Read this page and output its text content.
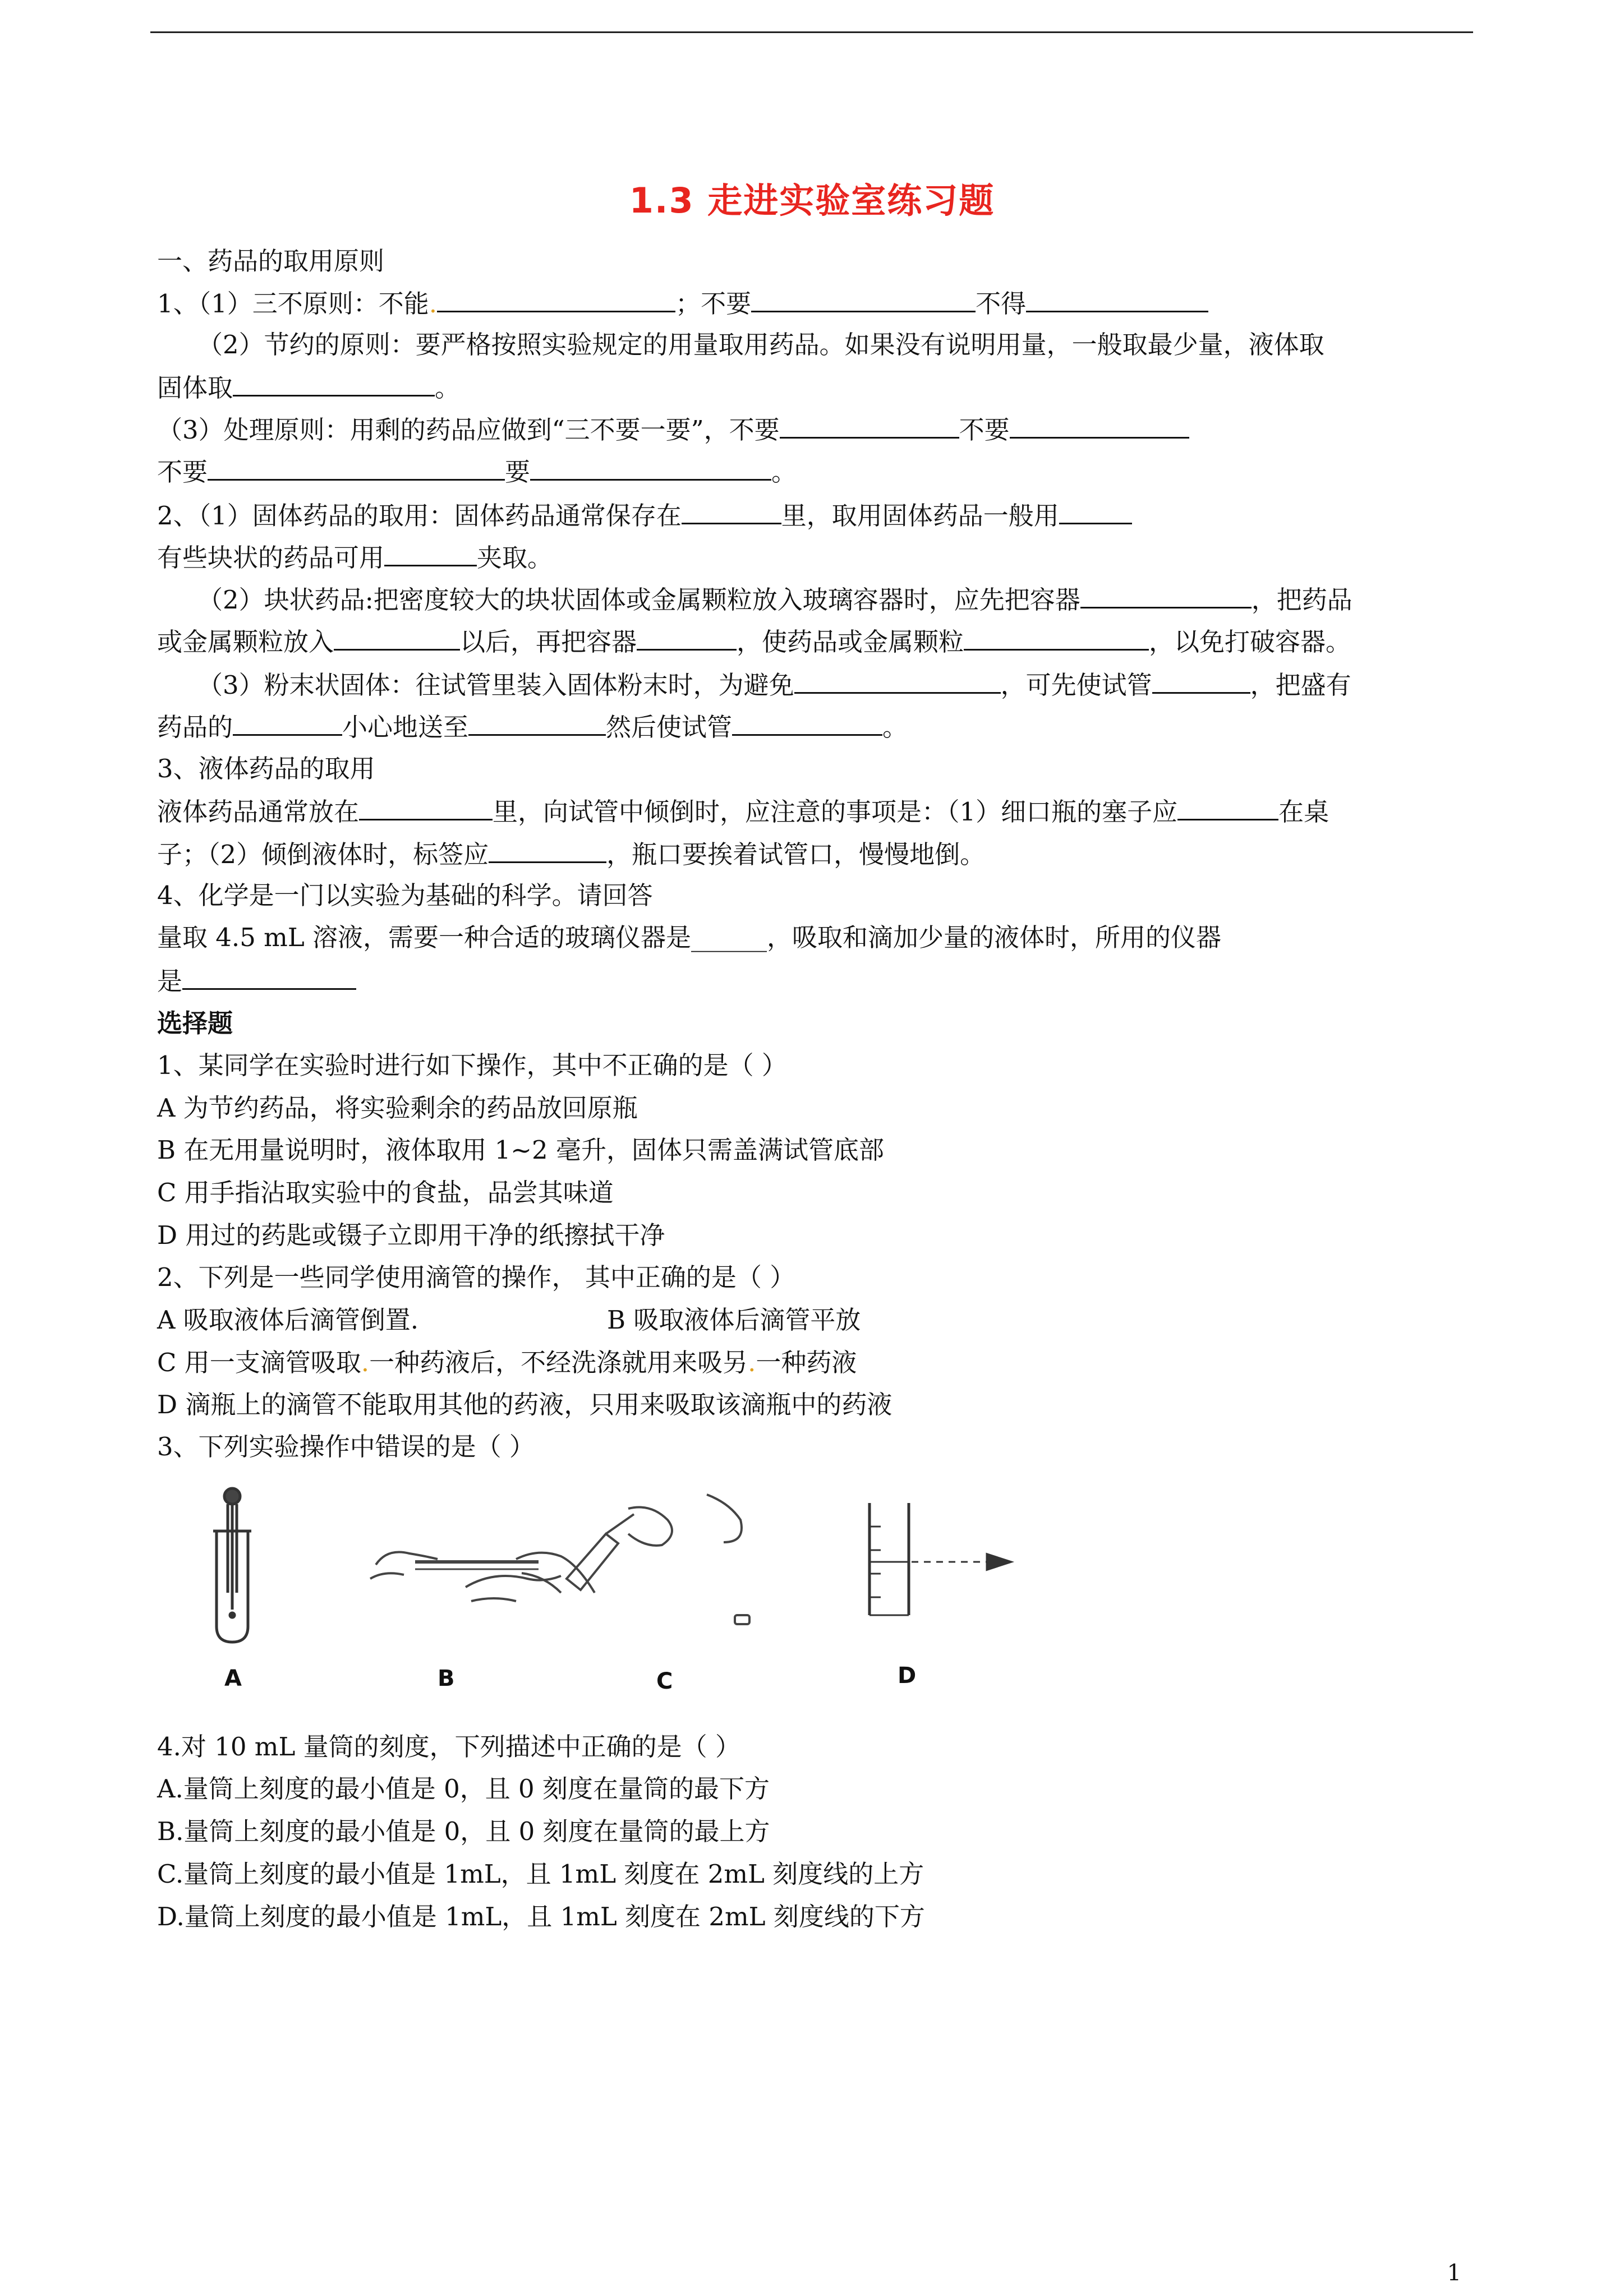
1.3 走进实验室练习题
一、药品的取用原则
1、（1）三不原则：不能.	；不要	不得
（2）节约的原则：要严格按照实验规定的用量取用药品。如果没有说明用量，一般取最少量，液体取
固体取	。
（3）处理原则：用剩的药品应做到“三不要一要”，不要	不要
不要	要	。
2、（1）固体药品的取用：固体药品通常保存在	里，取用固体药品一般用
有些块状的药品可用	夹取。
（2）块状药品:把密度较大的块状固体或金属颗粒放入玻璃容器时，应先把容器	，把药品
或金属颗粒放入	以后，再把容器	，使药品或金属颗粒	，以免打破容器。
（3）粉末状固体：往试管里装入固体粉末时，为避免	，可先使试管	，把盛有
药品的	小心地送至	然后使试管	。
3、液体药品的取用
液体药品通常放在	里，向试管中倾倒时，应注意的事项是：（1）细口瓶的塞子应	在桌
子；（2）倾倒液体时，标签应	，瓶口要挨着试管口，慢慢地倒。
4、化学是一门以实验为基础的科学。请回答
量取 4.5 mL 溶液，需要一种合适的玻璃仪器是______，吸取和滴加少量的液体时，所用的仪器
是
选择题
1、某同学在实验时进行如下操作，其中不正确的是（ ）
A 为节约药品，将实验剩余的药品放回原瓶
B 在无用量说明时，液体取用 1~2 毫升，固体只需盖满试管底部
C 用手指沾取实验中的食盐，品尝其味道
D 用过的药匙或镊子立即用干净的纸擦拭干净
2、下列是一些同学使用滴管的操作， 其中正确的是（ ）
A 吸取液体后滴管倒置.	B 吸取液体后滴管平放
C 用一支滴管吸取.一种药液后，不经洗涤就用来吸另.一种药液
D 滴瓶上的滴管不能取用其他的药液，只用来吸取该滴瓶中的药液
3、下列实验操作中错误的是（ ）
A	B	C	D
4.对 10 mL 量筒的刻度，下列描述中正确的是（ ）
A.量筒上刻度的最小值是 0，且 0 刻度在量筒的最下方
B.量筒上刻度的最小值是 0，且 0 刻度在量筒的最上方
C.量筒上刻度的最小值是 1mL，且 1mL 刻度在 2mL 刻度线的上方
D.量筒上刻度的最小值是 1mL，且 1mL 刻度在 2mL 刻度线的下方
1
